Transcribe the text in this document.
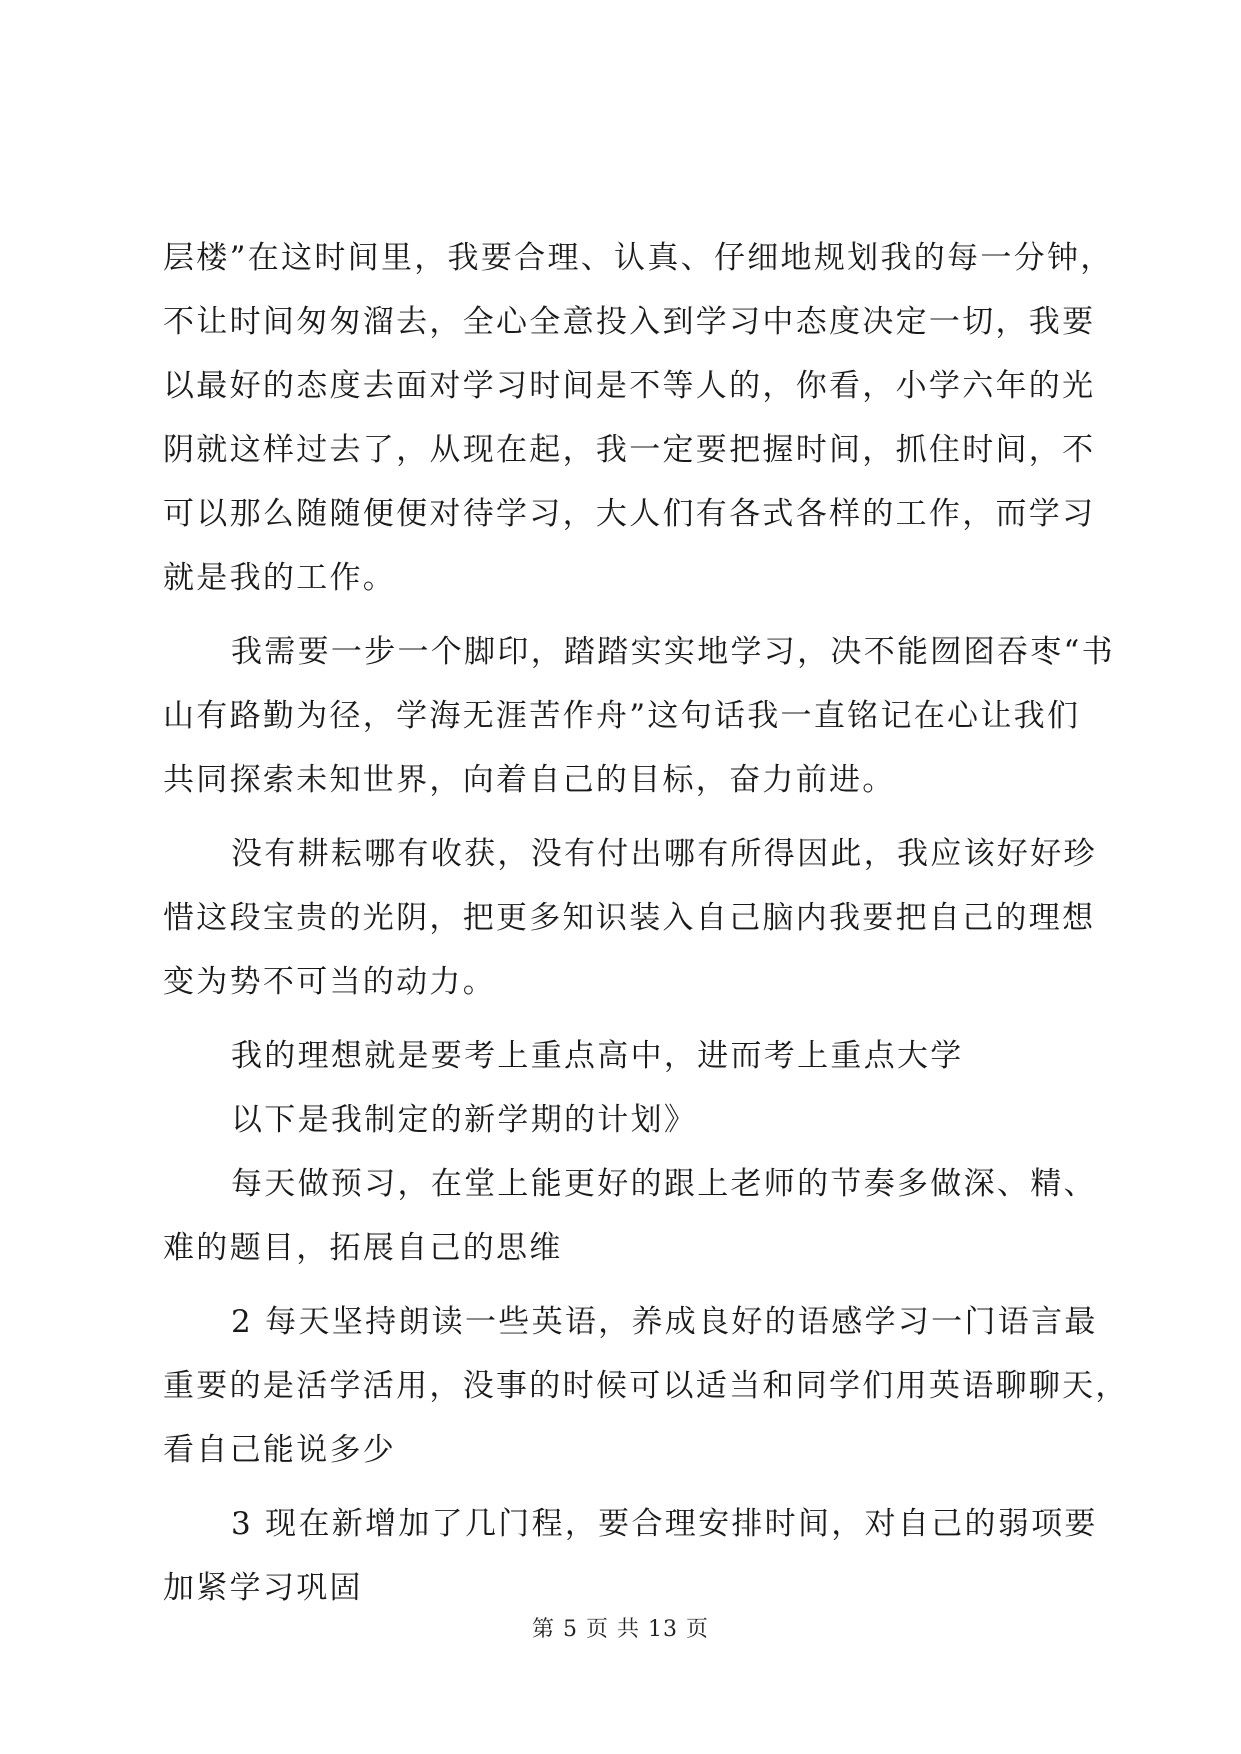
层楼”在这时间里，我要合理、认真、仔细地规划我的每一分钟，
不让时间匆匆溜去，全心全意投入到学习中态度决定一切，我要
以最好的态度去面对学习时间是不等人的，你看，小学六年的光
阴就这样过去了，从现在起，我一定要把握时间，抓住时间，不
可以那么随随便便对待学习，大人们有各式各样的工作，而学习
就是我的工作。
我需要一步一个脚印，踏踏实实地学习，决不能囫囵吞枣“书
山有路勤为径，学海无涯苦作舟”这句话我一直铭记在心让我们
共同探索未知世界，向着自己的目标，奋力前进。
没有耕耘哪有收获，没有付出哪有所得因此，我应该好好珍
惜这段宝贵的光阴，把更多知识装入自己脑内我要把自己的理想
变为势不可当的动力。
我的理想就是要考上重点高中，进而考上重点大学
以下是我制定的新学期的计划》
每天做预习，在堂上能更好的跟上老师的节奏多做深、精、
难的题目，拓展自己的思维
2 每天坚持朗读一些英语，养成良好的语感学习一门语言最
重要的是活学活用，没事的时候可以适当和同学们用英语聊聊天，
看自己能说多少
3 现在新增加了几门程，要合理安排时间，对自己的弱项要
加紧学习巩固
第 5 页 共 13 页
